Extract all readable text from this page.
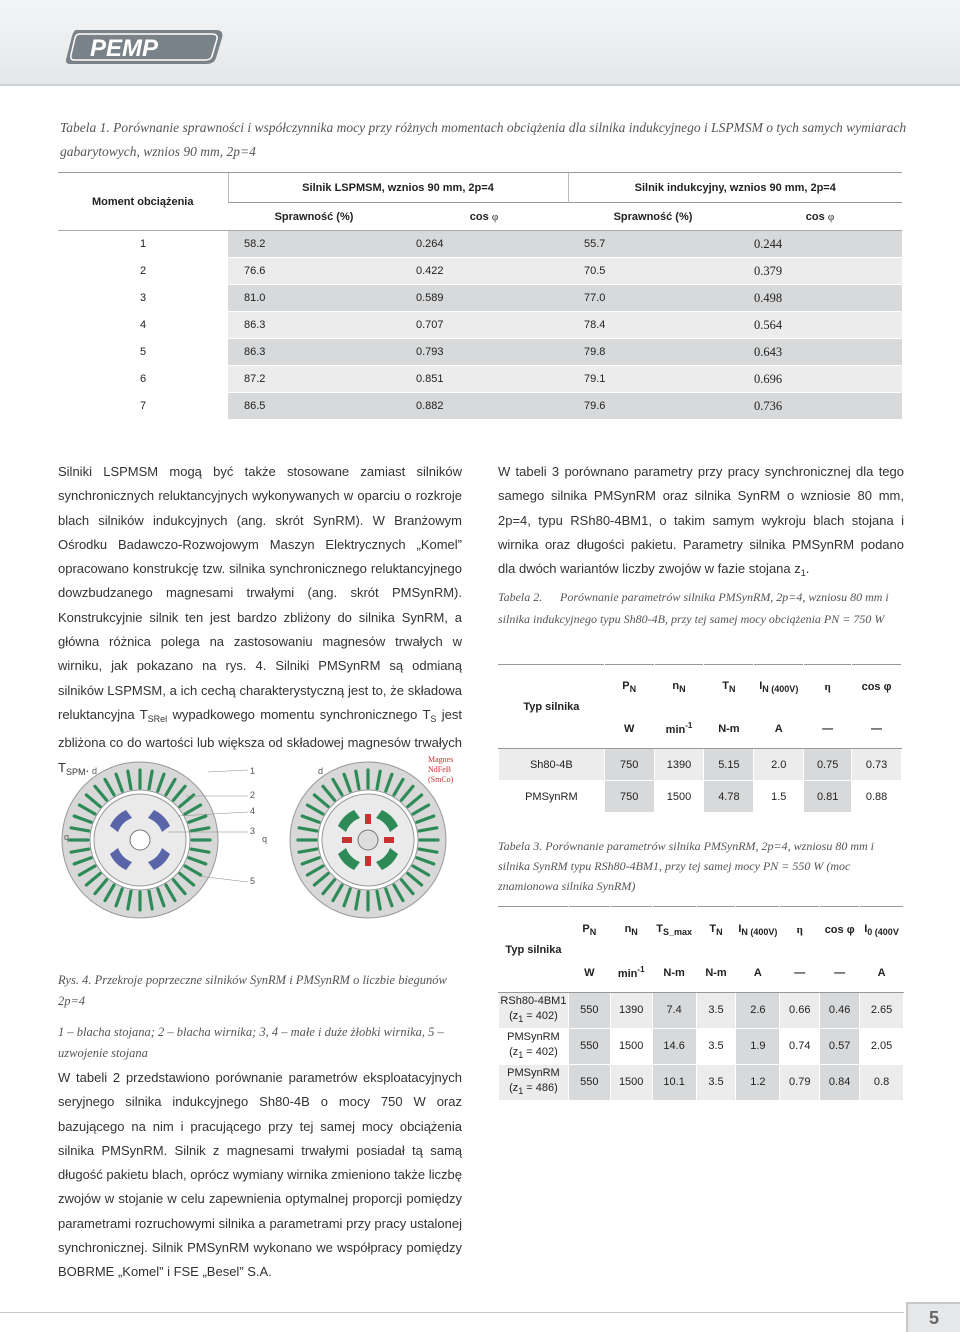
PEMP
Tabela 1. Porównanie sprawności i współczynnika mocy przy różnych momentach obciążenia dla silnika indukcyjnego i LSPMSM o tych samych wymiarach gabarytowych, wznios 90 mm, 2p=4
Moment obciążenia	Silnik LSPMSM, wznios 90 mm, 2p=4		Silnik indukcyjny, wznios 90 mm, 2p=4	
	Sprawność (%)	cos φ	Sprawność (%)	cos φ
1	58.2	0.264	55.7	0.244
2	76.6	0.422	70.5	0.379
3	81.0	0.589	77.0	0.498
4	86.3	0.707	78.4	0.564
5	86.3	0.793	79.8	0.643
6	87.2	0.851	79.1	0.696
7	86.5	0.882	79.6	0.736

Silniki LSPMSM mogą być także stosowane zamiast silników synchronicznych reluktancyjnych wykonywanych w oparciu o rozkroje blach silników indukcyjnych (ang. skrót SynRM). W Branżowym Ośrodku Badawczo-Rozwojowym Maszyn Elektrycznych „Komel” opracowano konstrukcję tzw. silnika synchronicznego reluktancyjnego dowzbudzanego magnesami trwałymi (ang. skrót PMSynRM). Konstrukcyjnie silnik ten jest bardzo zbliżony do silnika SynRM, a główna różnica polega na zastosowaniu magnesów trwałych w wirniku, jak pokazano na rys. 4. Silniki PMSynRM są odmianą silników LSPMSM, a ich cechą charakterystyczną jest to, że składowa reluktancyjna $T_{SRel}$ wypadkowego momentu synchronicznego $T_S$ jest zbliżona co do wartości lub większa od składowej magnesów trwałych $T_{SPM}$.

W tabeli 3 porównano parametry przy pracy synchronicznej dla tego samego silnika PMSynRM oraz silnika SynRM o wzniosie 80 mm, 2p=4, typu RSh80-4BM1, o takim samym wykroju blach stojana i wirnika oraz długości pakietu. Parametry silnika PMSynRM podano dla dwóch wariantów liczby zwojów w fazie stojana $z_1$.

Tabela 2. Porównanie parametrów silnika PMSynRM, 2p=4, wzniosu 80 mm i silnika indukcyjnego typu Sh80-4B, przy tej samej mocy obciążenia PN = 750 W
Typ silnika	$P_N$	$n_N$	$T_N$	$I_{N (400V)}$	η	cos φ
	W	$\min^{-1}$	N-m	A	—	—
Sh80-4B	750	1390	5.15	2.0	0.75	0.73
PMSynRM	750	1500	4.78	1.5	0.81	0.88
Tabela 3. Porównanie parametrów silnika PMSynRM, 2p=4, wzniosu 80 mm i silnika SynRM typu RSh80-4BM1, przy tej samej mocy PN = 550 W (moc znamionowa silnika SynRM)
Typ silnika	$P_N$	$n_N$	$T_{S\_max}$	$T_N$	$I_{N (400V)}$	η	cos φ	$I_{0 (400V}$
	W	$\min^{-1}$	N-m	N-m	A	—	—	A
RSh80-4BM1
$(z_1 = 402)$	550	1390	7.4	3.5	2.6	0.66	0.46	2.65
PMSynRM
$(z_1 = 402)$	550	1500	14.6	3.5	1.9	0.74	0.57	2.05
PMSynRM
$(z_1 = 486)$	550	1500	10.1	3.5	1.2	0.79	0.84	0.8
1
2
3
4
5
d
q
d
q
Magnes
NdFeB
(SmCo)
Rys. 4. Przekroje poprzeczne silników SynRM i PMSynRM o liczbie biegunów 2p=4
1 – blacha stojana; 2 – blacha wirnika; 3, 4 – małe i duże żłobki wirnika, 5 – uzwojenie stojana

W tabeli 2 przedstawiono porównanie parametrów eksploatacyjnych seryjnego silnika indukcyjnego Sh80-4B o mocy 750 W oraz bazującego na nim i pracującego przy tej samej mocy obciążenia silnika PMSynRM. Silnik z magnesami trwałymi posiadał tą samą długość pakietu blach, oprócz wymiany wirnika zmieniono także liczbę zwojów w stojanie w celu zapewnienia optymalnej proporcji pomiędzy parametrami rozruchowymi silnika a parametrami przy pracy ustalonej synchronicznej. Silnik PMSynRM wykonano we współpracy pomiędzy BOBRME „Komel” i FSE „Besel” S.A.

5
